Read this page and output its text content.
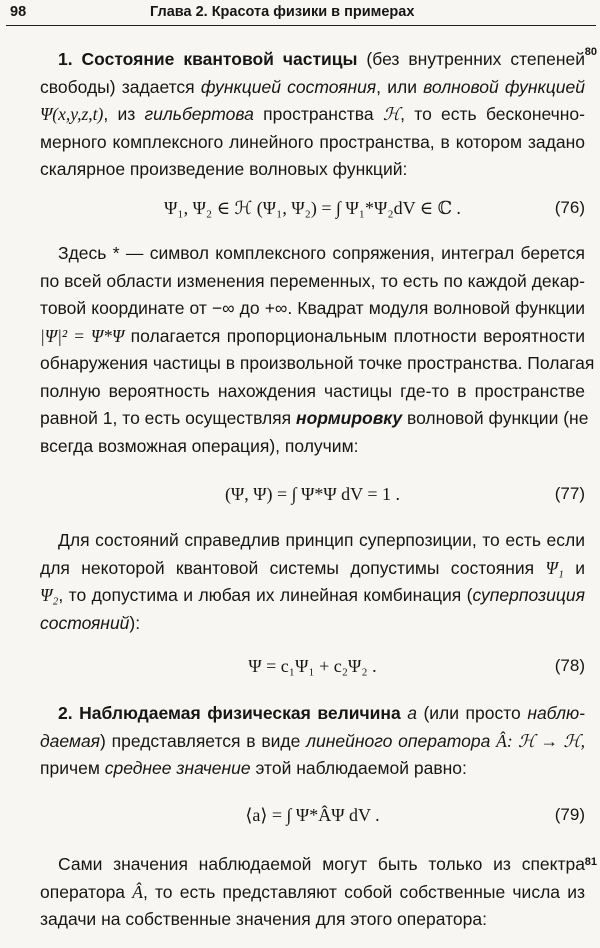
98	Глава 2. Красота физики в примерах
80
81
1. Состояние квантовой частицы (без внутренних степеней
свободы) задается функцией состояния, или волновой функцией
Ψ(x,y,z,t), из гильбертова пространства ℋ, то есть бесконечно-
мерного комплексного линейного пространства, в котором задано
скалярное произведение волновых функций:
Ψ₁, Ψ₂ ∈ ℋ (Ψ₁, Ψ₂) = ∫ Ψ₁*Ψ₂dV ∈ ℂ .	(76)
Здесь * — символ комплексного сопряжения, интеграл берется
по всей области изменения переменных, то есть по каждой декар-
товой координате от −∞ до +∞. Квадрат модуля волновой функции
|Ψ|² = Ψ*Ψ полагается пропорциональным плотности вероятности
обнаружения частицы в произвольной точке пространства. Полагая
полную вероятность нахождения частицы где-то в пространстве
равной 1, то есть осуществляя нормировку волновой функции (не
всегда возможная операция), получим:
(Ψ, Ψ) = ∫ Ψ*Ψ dV = 1 .	(77)
Для состояний справедлив принцип суперпозиции, то есть если
для некоторой квантовой системы допустимы состояния Ψ₁ и
Ψ₂, то допустима и любая их линейная комбинация (суперпозиция
состояний):
Ψ = c₁Ψ₁ + c₂Ψ₂ .	(78)
2. Наблюдаемая физическая величина a (или просто наблю-
даемая) представляется в виде линейного оператора Â: ℋ → ℋ,
причем среднее значение этой наблюдаемой равно:
⟨a⟩ = ∫ Ψ*ÂΨ dV .	(79)
Сами значения наблюдаемой могут быть только из спектра
оператора Â, то есть представляют собой собственные числа из
задачи на собственные значения для этого оператора:
